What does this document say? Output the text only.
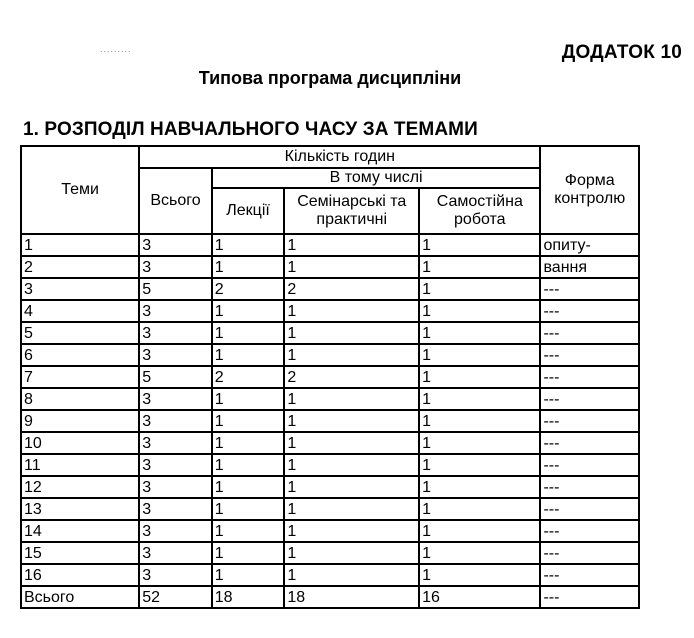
.........	ДОДАТОК 10
Типова програма дисципліни
1. РОЗПОДІЛ НАВЧАЛЬНОГО ЧАСУ ЗА ТЕМАМИ
Теми	Кількість годин				Форма контролю
	Всього	В тому числі			
		Лекції	Семінарські та практичні	Самостійна робота	
1	3	1	1	1	опиту-
2	3	1	1	1	вання
3	5	2	2	1	---
4	3	1	1	1	---
5	3	1	1	1	---
6	3	1	1	1	---
7	5	2	2	1	---
8	3	1	1	1	---
9	3	1	1	1	---
10	3	1	1	1	---
11	3	1	1	1	---
12	3	1	1	1	---
13	3	1	1	1	---
14	3	1	1	1	---
15	3	1	1	1	---
16	3	1	1	1	---
Всього	52	18	18	16	---
